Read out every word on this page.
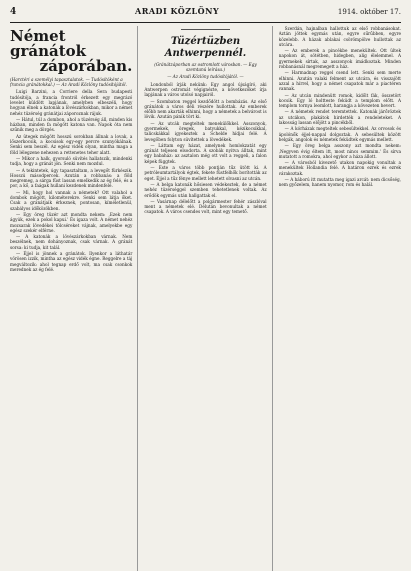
4	ARADI KÖZLÖNY	1914. október 17.
Német gránátok
záporában.
(Harctéri a személyi tapasztalatok. — Tudósítóként a francia gránátokkal.) — Az Aradi Közlöny tudósítójától.

Luigi Barzini, a Corriere della Sera budapesti tudósítója, a francia frontról érkezett egy megrázó levelet küldött lapjának, amelyben elbeszéli, hogy hogyan élnek a katonák a lövészárkokban, mikor a német nehéz tüzérség gránátjai záporoznak rájuk.

— Hátul, túl a dombon, ahol a tüzérség áll, minden kis házban, minden fa mögött katona van. Napok óta nem szűnik meg a dörgés.

Az ütegek mögött hosszú sorokban állnak a lovak, a lőszerkocsik, a kocsisok egy-egy percre szunyókálnak. Senki sem beszél. Az egész vidék olyan, mintha maga a föld lélegzene nehezen a rettenetes teher alatt.

— Mikor a halk, gyorsuló süvítés hallatszik, mindenki tudja, hogy a gránát jön. Senki nem mozdul.

— A tekintetek, úgy tapasztaltam, a levegőt fürkészik. Hosszú másodpercek. Azután a robbanás: a föld megremeg, a sárga füst lassan emelkedik az ég felé, és a por, a kő, a faágak hullani kezdenek mindenfelé.

— Mi, hogy hol vannak a németek? Ott valahol a dombok mögött, kilométerekre. Senki sem látja őket. Csak a gránátjaik érkeznek, pontosan, kíméletlenül, szabályos időközökben.

— Egy öreg tüzér azt mondta nekem: ,Ezek nem ágyúk, ezek a pokol kapui.' És igaza volt. A német nehéz mozsarak lövedékei tölcséreket vájnak, amelyekbe egy egész szekér elférne.

— A katonák a lövészárkokban várnak. Nem beszélnek, nem dohányoznak, csak várnak. A gránát sorsa: ki tudja, kit talál.

— Éjjel is jönnek a gránátok. Ilyenkor a láthatár vörösen izzik, mintha az egész vidék égne. Reggelre a táj megváltozik: ahol tegnap erdő volt, ma csak csonkok merednek az ég felé.

Tüzértüzben Antwerpennél.
(Gránátzáporban az ostromlott városban. — Egy szemtanú leírása.)
— Az Aradi Közlöny tudósítójától. —

Londonból írják nekünk: Egy angol újságíró, aki Antwerpen ostromát végignézte, a következőket írja lapjának a város utolsó napjairól.

— Szombaton reggel kezdődött a bombázás. Az első gránátok a város déli részére hullottak. Az emberek előbb nem akarták elhinni, hogy a németek a belvárost is lövik. Azután pánik tört ki.

— Az utcák megteltek menekülőkkel. Asszonyok, gyermekek, öregek, batyukkal, kézikocsikkal, talicskákkal igyekeztek a Schelde hídjai felé. A levegőben folyton süvítettek a lövedékek.

— Láttam egy házat, amelynek homlokzatát egy gránát teljesen elsodorta. A szobák nyitva álltak, mint egy babaház: az asztalon még ott volt a reggeli, a falon képek függtek.

— Este a város több pontján tűz ütött ki. A petróleumtartályok égtek, fekete füstfelhők borították az eget. Éjjel a tűz fénye mellett lehetett olvasni az utcán.

— A belga katonák hősiesen védekeztek, de a német nehéz tüzérséggel szemben tehetetlenek voltak. Az erődök egymás után hallgattak el.

— Vasárnap délelőtt a polgármester fehér zászlóval ment a németek elé. Délután bevonultak a német csapatok. A város csendes volt, mint egy temető.

Szerdán, hajnalban hallottuk az első robbanásokat. Aztán jöttek egymás után, egyre sűrűbben, egyre közelebb. A házak ablakai csörömpölve hullottak az utcára.

— Az emberek a pincékbe menekültek. Ott ültek napokon át, sötétben, hidegben, alig élelemmel. A gyermekek sírtak, az asszonyok imádkoztak. Minden robbanásnál megremegett a ház.

— Harmadnap reggel csend lett. Senki sem merte elhinni. Azután valaki felment az utcára, és visszajött azzal a hírrel, hogy a német csapatok már a piactéren vannak.

— Az utcán mindenütt romok, kidőlt fák, összetört kocsik. Egy ló holtteste feküdt a templom előtt. A templom tornya leomlott, harangja a kövezeten hevert.

— A németek rendet teremtettek. Katonák járőröztek az utcákon, plakátok hirdették a rendeleteket. A lakosság lassan előjött a pincékből.

— A kórházak megteltek sebesültekkel. Az orvosok és ápolónők éjjel-nappal dolgoztak. A sebesültek között belgák, angolok és németek feküdtek egymás mellett.

— Egy öreg belga asszony azt mondta nekem: ,Negyven évig éltem itt, most nincs semmim.' És sírva mutatott a romokra, ahol egykor a háza állott.

— A városból kivezető utakon napokig vonultak a menekültek Hollandia felé. A határon ezrek és ezrek várakoztak.

— A háború itt mutatta meg igazi arcát: nem dicsőség, nem győzelem, hanem nyomor, rom és halál.
